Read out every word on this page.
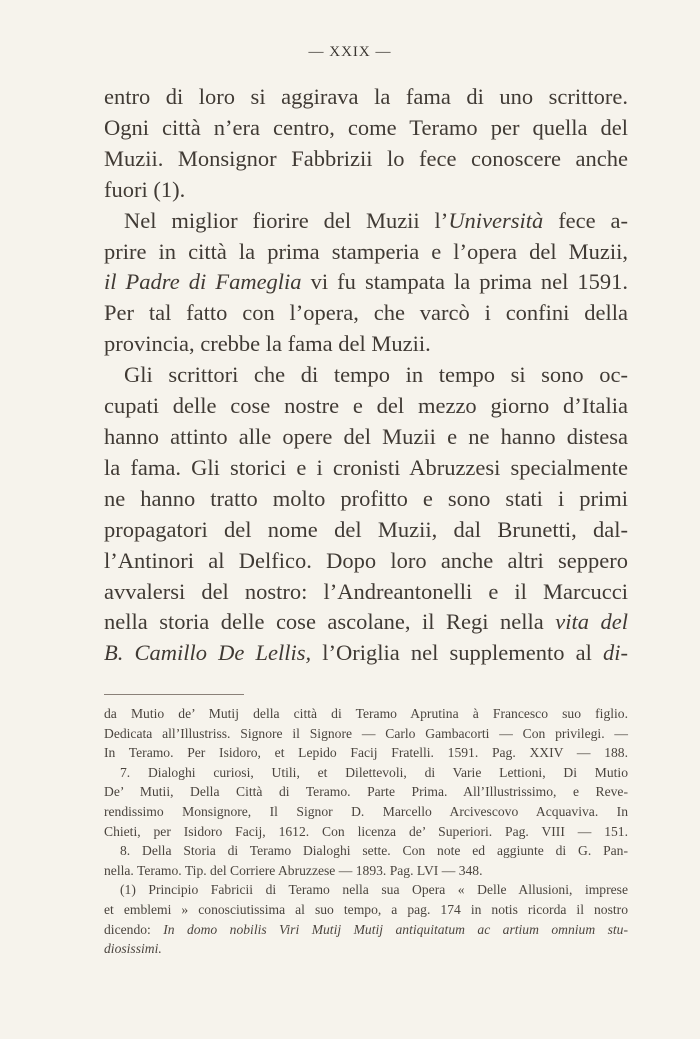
— XXIX —

entro di loro si aggirava la fama di uno scrittore.
Ogni città n’era centro, come Teramo per quella del
Muzii. Monsignor Fabbrizii lo fece conoscere anche
fuori (1).

Nel miglior fiorire del Muzii l’Università fece a-
prire in città la prima stamperia e l’opera del Muzii,
il Padre di Fameglia vi fu stampata la prima nel 1591.
Per tal fatto con l’opera, che varcò i confini della
provincia, crebbe la fama del Muzii.

Gli scrittori che di tempo in tempo si sono oc-
cupati delle cose nostre e del mezzo giorno d’Italia
hanno attinto alle opere del Muzii e ne hanno distesa
la fama. Gli storici e i cronisti Abruzzesi specialmente
ne hanno tratto molto profitto e sono stati i primi
propagatori del nome del Muzii, dal Brunetti, dal-
l’Antinori al Delfico. Dopo loro anche altri seppero
avvalersi del nostro: l’Andreantonelli e il Marcucci
nella storia delle cose ascolane, il Regi nella vita del
B. Camillo De Lellis, l’Origlia nel supplemento al di-

da Mutio de’ Mutij della città di Teramo Aprutina à Francesco suo figlio.
Dedicata all’Illustriss. Signore il Signore — Carlo Gambacorti — Con privilegi. —
In Teramo. Per Isidoro, et Lepido Facij Fratelli. 1591. Pag. XXIV — 188.
7. Dialoghi curiosi, Utili, et Dilettevoli, di Varie Lettioni, Di Mutio
De’ Mutii, Della Città di Teramo. Parte Prima. All’Illustrissimo, e Reve-
rendissimo Monsignore, Il Signor D. Marcello Arcivescovo Acquaviva. In
Chieti, per Isidoro Facij, 1612. Con licenza de’ Superiori. Pag. VIII — 151.
8. Della Storia di Teramo Dialoghi sette. Con note ed aggiunte di G. Pan-
nella. Teramo. Tip. del Corriere Abruzzese — 1893. Pag. LVI — 348.
(1) Principio Fabricii di Teramo nella sua Opera « Delle Allusioni, imprese
et emblemi » conosciutissima al suo tempo, a pag. 174 in notis ricorda il nostro
dicendo: In domo nobilis Viri Mutij Mutij antiquitatum ac artium omnium stu-
diosissimi.
